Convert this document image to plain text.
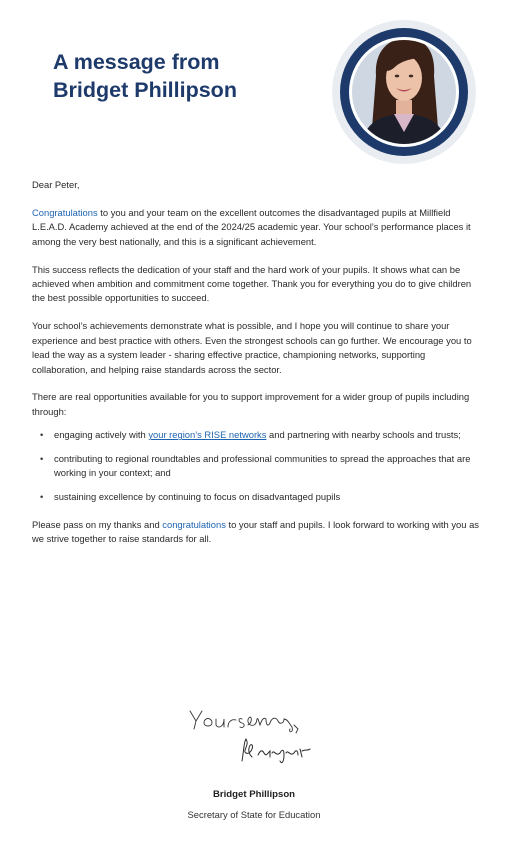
A message from
Bridget Phillipson

Dear Peter,

Congratulations to you and your team on the excellent outcomes the disadvantaged pupils at Millfield L.E.A.D. Academy achieved at the end of the 2024/25 academic year. Your school’s performance places it among the very best nationally, and this is a significant achievement.

This success reflects the dedication of your staff and the hard work of your pupils. It shows what can be achieved when ambition and commitment come together. Thank you for everything you do to give children the best possible opportunities to succeed.

Your school’s achievements demonstrate what is possible, and I hope you will continue to share your experience and best practice with others. Even the strongest schools can go further. We encourage you to lead the way as a system leader - sharing effective practice, championing networks, supporting collaboration, and helping raise standards across the sector.

There are real opportunities available for you to support improvement for a wider group of pupils including through:

• engaging actively with your region’s RISE networks and partnering with nearby schools and trusts;
• contributing to regional roundtables and professional communities to spread the approaches that are working in your context; and
• sustaining excellence by continuing to focus on disadvantaged pupils

Please pass on my thanks and congratulations to your staff and pupils. I look forward to working with you as we strive together to raise standards for all.

Bridget Phillipson
Secretary of State for Education
